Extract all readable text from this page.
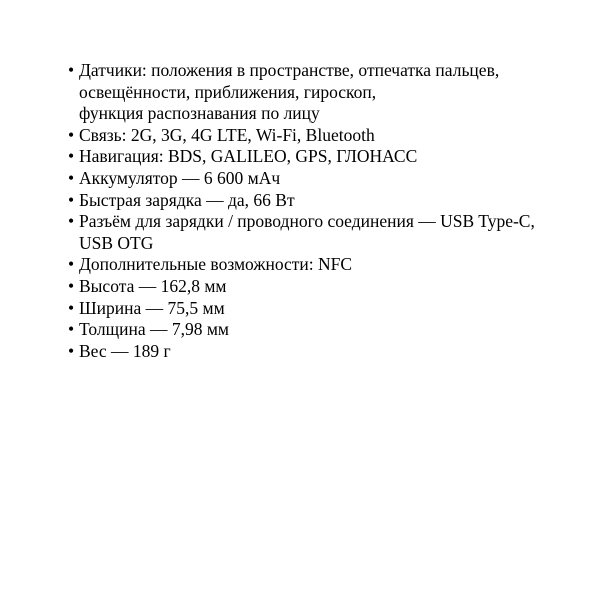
• Датчики: положения в пространстве, отпечатка пальцев,
освещённости, приближения, гироскоп,
функция распознавания по лицу
• Связь: 2G, 3G, 4G LTE, Wi-Fi, Bluetooth
• Навигация: BDS, GALILEO, GPS, ГЛОНАСС
• Аккумулятор — 6 600 мАч
• Быстрая зарядка — да, 66 Вт
• Разъём для зарядки / проводного соединения — USB Type-C,
USB OTG
• Дополнительные возможности: NFC
• Высота — 162,8 мм
• Ширина — 75,5 мм
• Толщина — 7,98 мм
• Вес — 189 г
